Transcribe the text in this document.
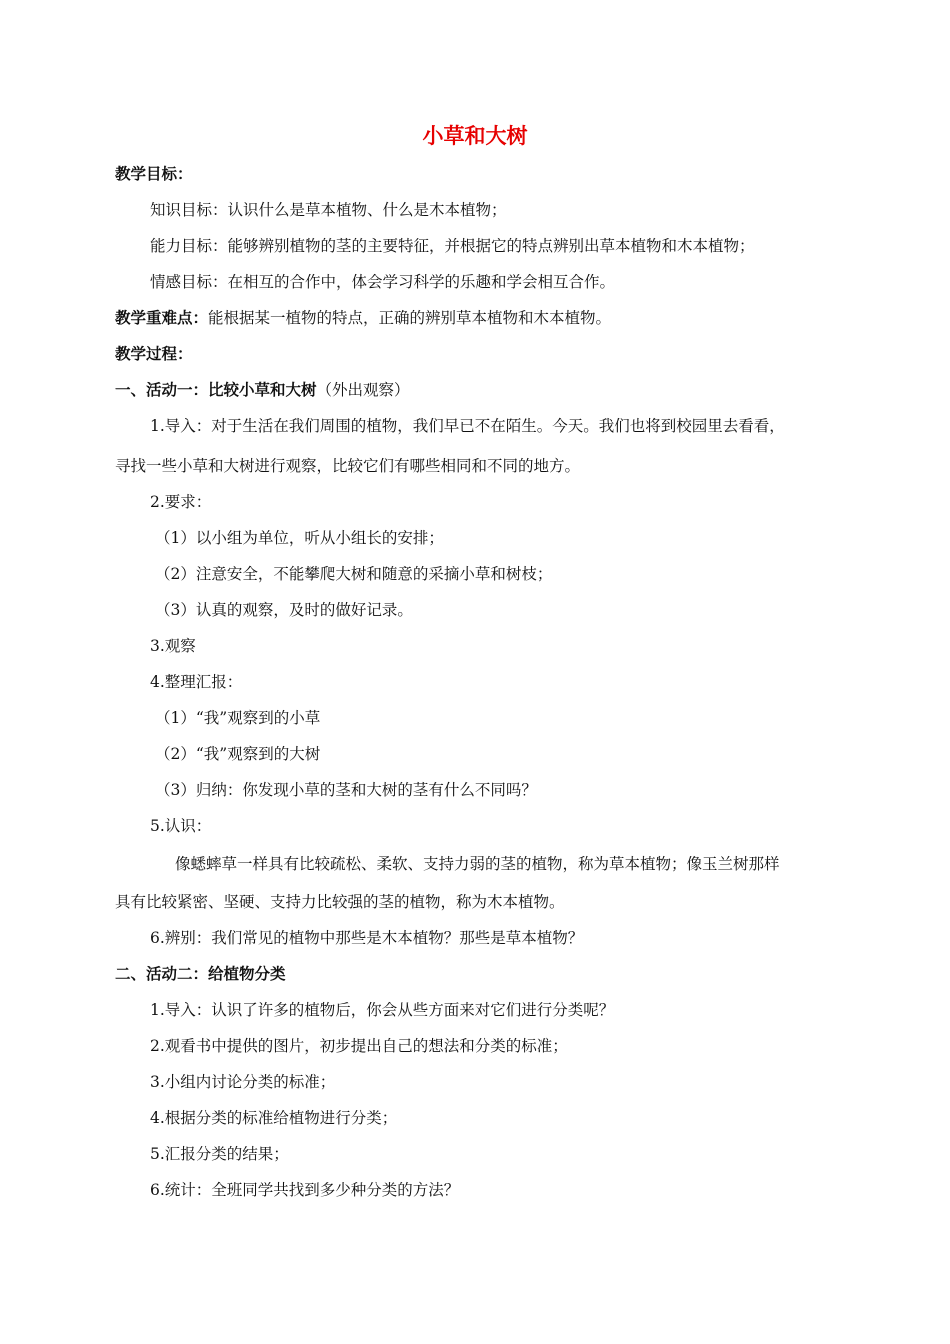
小草和大树
教学目标：
知识目标：认识什么是草本植物、什么是木本植物；
能力目标：能够辨别植物的茎的主要特征，并根据它的特点辨别出草本植物和木本植物；
情感目标：在相互的合作中，体会学习科学的乐趣和学会相互合作。
教学重难点：能根据某一植物的特点，正确的辨别草本植物和木本植物。
教学过程：
一、活动一：比较小草和大树（外出观察）
1.导入：对于生活在我们周围的植物，我们早已不在陌生。今天。我们也将到校园里去看看，
寻找一些小草和大树进行观察，比较它们有哪些相同和不同的地方。
2.要求：
（1）以小组为单位，听从小组长的安排；
（2）注意安全，不能攀爬大树和随意的采摘小草和树枝；
（3）认真的观察，及时的做好记录。
3.观察
4.整理汇报：
（1）“我”观察到的小草
（2）“我”观察到的大树
（3）归纳：你发现小草的茎和大树的茎有什么不同吗？
5.认识：
像蟋蟀草一样具有比较疏松、柔软、支持力弱的茎的植物，称为草本植物；像玉兰树那样
具有比较紧密、坚硬、支持力比较强的茎的植物，称为木本植物。
6.辨别：我们常见的植物中那些是木本植物？那些是草本植物？
二、活动二：给植物分类
1.导入：认识了许多的植物后，你会从些方面来对它们进行分类呢？
2.观看书中提供的图片，初步提出自己的想法和分类的标准；
3.小组内讨论分类的标准；
4.根据分类的标准给植物进行分类；
5.汇报分类的结果；
6.统计：全班同学共找到多少种分类的方法？
